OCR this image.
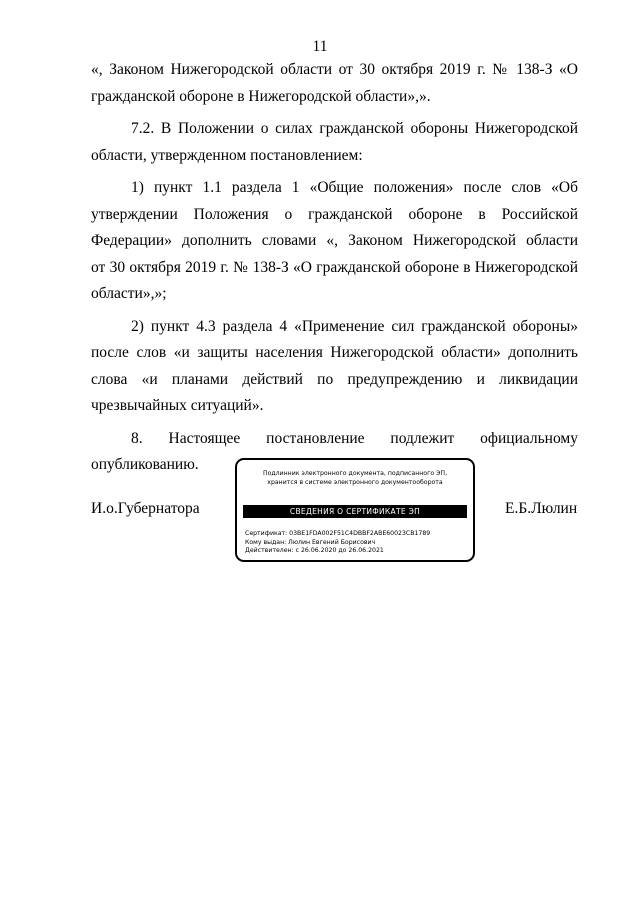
11

«, Законом Нижегородской области от 30 октября 2019 г. № 138-З «О

гражданской обороне в Нижегородской области»,».

7.2. В Положении о силах гражданской обороны Нижегородской

области, утвержденном постановлением:

1) пункт 1.1 раздела 1 «Общие положения» после слов «Об

утверждении Положения о гражданской обороне в Российской

Федерации» дополнить словами «, Законом Нижегородской области

от 30 октября 2019 г. № 138-З «О гражданской обороне в Нижегородской

области»,»;

2) пункт 4.3 раздела 4 «Применение сил гражданской обороны»

после слов «и защиты населения Нижегородской области» дополнить

слова «и планами действий по предупреждению и ликвидации

чрезвычайных ситуаций».

8. Настоящее постановление подлежит официальному

опубликованию.

И.о.Губернатора	Е.Б.Люлин
Подлинник электронного документа, подписанного ЭП,
хранится в системе электронного документооборота
СВЕДЕНИЯ О СЕРТИФИКАТЕ ЭП
Сертификат: 03BE1FDA002F51C4DBBF2ABE60023CB1789
Кому выдан: Люлин Евгений Борисович
Действителен: с 26.06.2020 до 26.06.2021
